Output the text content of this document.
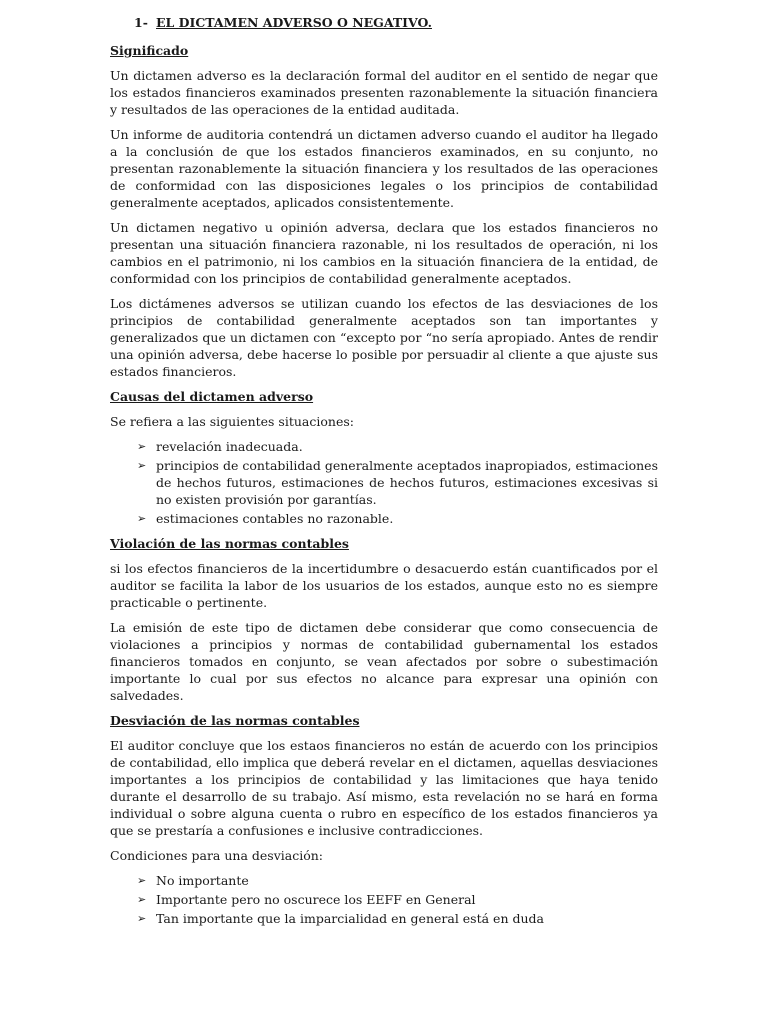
1- EL DICTAMEN ADVERSO O NEGATIVO.
Significado

Un dictamen adverso es la declaración formal del auditor en el sentido de negar que los estados financieros examinados presenten razonablemente la situación financiera y resultados de las operaciones de la entidad auditada.

Un informe de auditoria contendrá un dictamen adverso cuando el auditor ha llegado a la conclusión de que los estados financieros examinados, en su conjunto, no presentan razonablemente la situación financiera y los resultados de las operaciones de conformidad con las disposiciones legales o los principios de contabilidad generalmente aceptados, aplicados consistentemente.

Un dictamen negativo u opinión adversa, declara que los estados financieros no presentan una situación financiera razonable, ni los resultados de operación, ni los cambios en el patrimonio, ni los cambios en la situación financiera de la entidad, de conformidad con los principios de contabilidad generalmente aceptados.

Los dictámenes adversos se utilizan cuando los efectos de las desviaciones de los principios de contabilidad generalmente aceptados son tan importantes y generalizados que un dictamen con “excepto por “no sería apropiado. Antes de rendir una opinión adversa, debe hacerse lo posible por persuadir al cliente a que ajuste sus estados financieros.

Causas del dictamen adverso

Se refiera a las siguientes situaciones:

➢ revelación inadecuada.
➢ principios de contabilidad generalmente aceptados inapropiados, estimaciones de hechos futuros, estimaciones de hechos futuros, estimaciones excesivas si no existen provisión por garantías.
➢ estimaciones contables no razonable.
Violación de las normas contables

si los efectos financieros de la incertidumbre o desacuerdo están cuantificados por el auditor se facilita la labor de los usuarios de los estados, aunque esto no es siempre practicable o pertinente.

La emisión de este tipo de dictamen debe considerar que como consecuencia de violaciones a principios y normas de contabilidad gubernamental los estados financieros tomados en conjunto, se vean afectados por sobre o subestimación importante lo cual por sus efectos no alcance para expresar una opinión con salvedades.

Desviación de las normas contables

El auditor concluye que los estaos financieros no están de acuerdo con los principios de contabilidad, ello implica que deberá revelar en el dictamen, aquellas desviaciones importantes a los principios de contabilidad y las limitaciones que haya tenido durante el desarrollo de su trabajo. Así mismo, esta revelación no se hará en forma individual o sobre alguna cuenta o rubro en específico de los estados financieros ya que se prestaría a confusiones e inclusive contradicciones.

Condiciones para una desviación:

➢ No importante
➢ Importante pero no oscurece los EEFF en General
➢ Tan importante que la imparcialidad en general está en duda
